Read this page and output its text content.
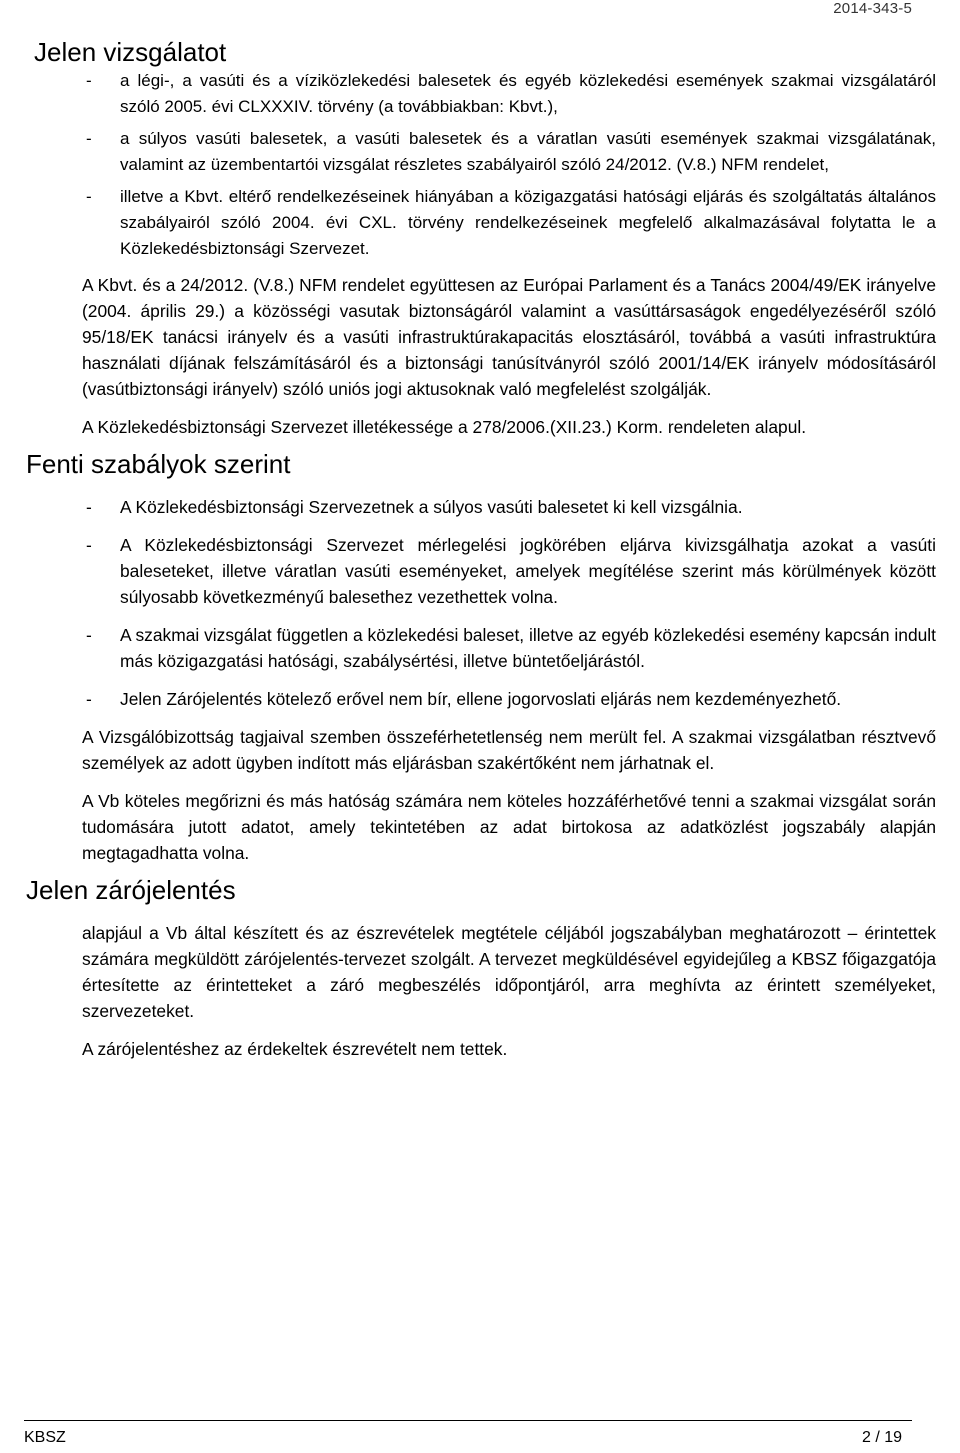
2014-343-5
Jelen vizsgálatot
- a légi-, a vasúti és a víziközlekedési balesetek és egyéb közlekedési események szakmai vizsgálatáról szóló 2005. évi CLXXXIV. törvény (a továbbiakban: Kbvt.),
- a súlyos vasúti balesetek, a vasúti balesetek és a váratlan vasúti események szakmai vizsgálatának, valamint az üzembentartói vizsgálat részletes szabályairól szóló 24/2012. (V.8.) NFM rendelet,
- illetve a Kbvt. eltérő rendelkezéseinek hiányában a közigazgatási hatósági eljárás és szolgáltatás általános szabályairól szóló 2004. évi CXL. törvény rendelkezéseinek megfelelő alkalmazásával folytatta le a Közlekedésbiztonsági Szervezet.

A Kbvt. és a 24/2012. (V.8.) NFM rendelet együttesen az Európai Parlament és a Tanács 2004/49/EK irányelve (2004. április 29.) a közösségi vasutak biztonságáról valamint a vasúttársaságok engedélyezéséről szóló 95/18/EK tanácsi irányelv és a vasúti infrastruktúrakapacitás elosztásáról, továbbá a vasúti infrastruktúra használati díjának felszámításáról és a biztonsági tanúsítványról szóló 2001/14/EK irányelv módosításáról (vasútbiztonsági irányelv) szóló uniós jogi aktusoknak való megfelelést szolgálják.

A Közlekedésbiztonsági Szervezet illetékessége a 278/2006.(XII.23.) Korm. rendeleten alapul.

Fenti szabályok szerint
- A Közlekedésbiztonsági Szervezetnek a súlyos vasúti balesetet ki kell vizsgálnia.
- A Közlekedésbiztonsági Szervezet mérlegelési jogkörében eljárva kivizsgálhatja azokat a vasúti baleseteket, illetve váratlan vasúti eseményeket, amelyek megítélése szerint más körülmények között súlyosabb következményű balesethez vezethettek volna.
- A szakmai vizsgálat független a közlekedési baleset, illetve az egyéb közlekedési esemény kapcsán indult más közigazgatási hatósági, szabálysértési, illetve büntetőeljárástól.
- Jelen Zárójelentés kötelező erővel nem bír, ellene jogorvoslati eljárás nem kezdeményezhető.

A Vizsgálóbizottság tagjaival szemben összeférhetetlenség nem merült fel. A szakmai vizsgálatban résztvevő személyek az adott ügyben indított más eljárásban szakértőként nem járhatnak el.

A Vb köteles megőrizni és más hatóság számára nem köteles hozzáférhetővé tenni a szakmai vizsgálat során tudomására jutott adatot, amely tekintetében az adat birtokosa az adatközlést jogszabály alapján megtagadhatta volna.

Jelen zárójelentés

alapjául a Vb által készített és az észrevételek megtétele céljából jogszabályban meghatározott – érintettek számára megküldött zárójelentés-tervezet szolgált. A tervezet megküldésével egyidejűleg a KBSZ főigazgatója értesítette az érintetteket a záró megbeszélés időpontjáról, arra meghívta az érintett személyeket, szervezeteket.

A zárójelentéshez az érdekeltek észrevételt nem tettek.

KBSZ	2 / 19
